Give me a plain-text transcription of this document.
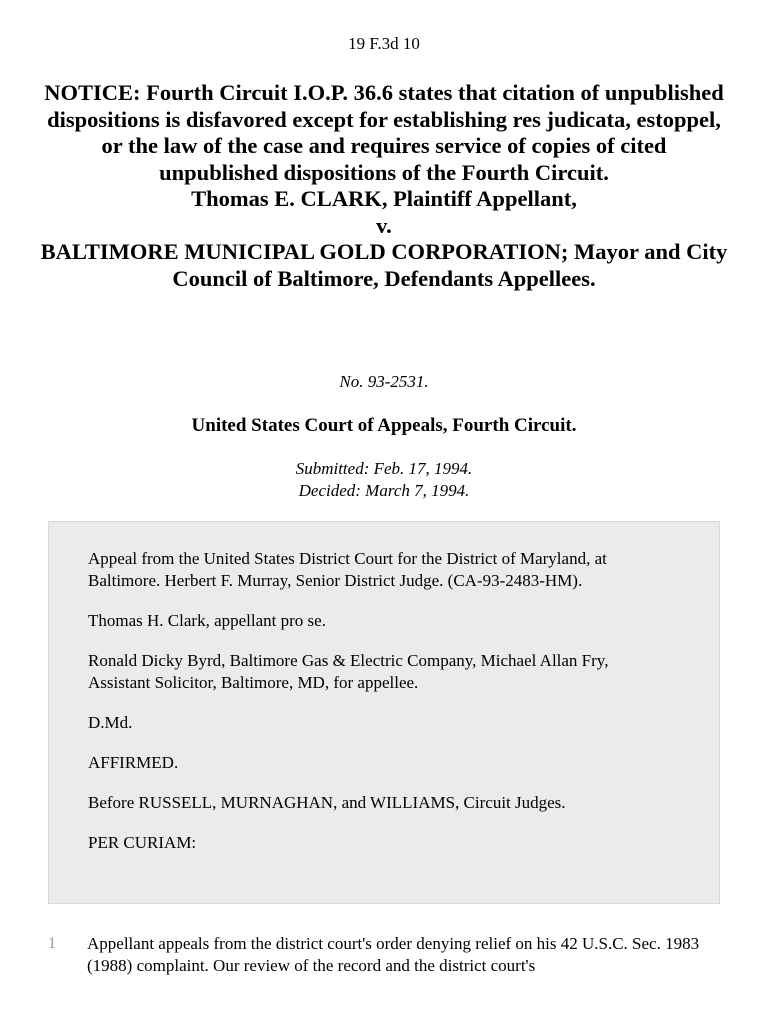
19 F.3d 10
NOTICE: Fourth Circuit I.O.P. 36.6 states that citation of unpublished dispositions is disfavored except for establishing res judicata, estoppel, or the law of the case and requires service of copies of cited unpublished dispositions of the Fourth Circuit.
Thomas E. CLARK, Plaintiff Appellant,
v.
BALTIMORE MUNICIPAL GOLD CORPORATION; Mayor and City
Council of Baltimore, Defendants Appellees.
No. 93-2531.
United States Court of Appeals, Fourth Circuit.
Submitted: Feb. 17, 1994.
Decided: March 7, 1994.

Appeal from the United States District Court for the District of Maryland, at Baltimore. Herbert F. Murray, Senior District Judge. (CA-93-2483-HM).

Thomas H. Clark, appellant pro se.

Ronald Dicky Byrd, Baltimore Gas & Electric Company, Michael Allan Fry, Assistant Solicitor, Baltimore, MD, for appellee.

D.Md.

AFFIRMED.

Before RUSSELL, MURNAGHAN, and WILLIAMS, Circuit Judges.

PER CURIAM:

1 Appellant appeals from the district court's order denying relief on his 42 U.S.C. Sec. 1983 (1988) complaint. Our review of the record and the district court's
